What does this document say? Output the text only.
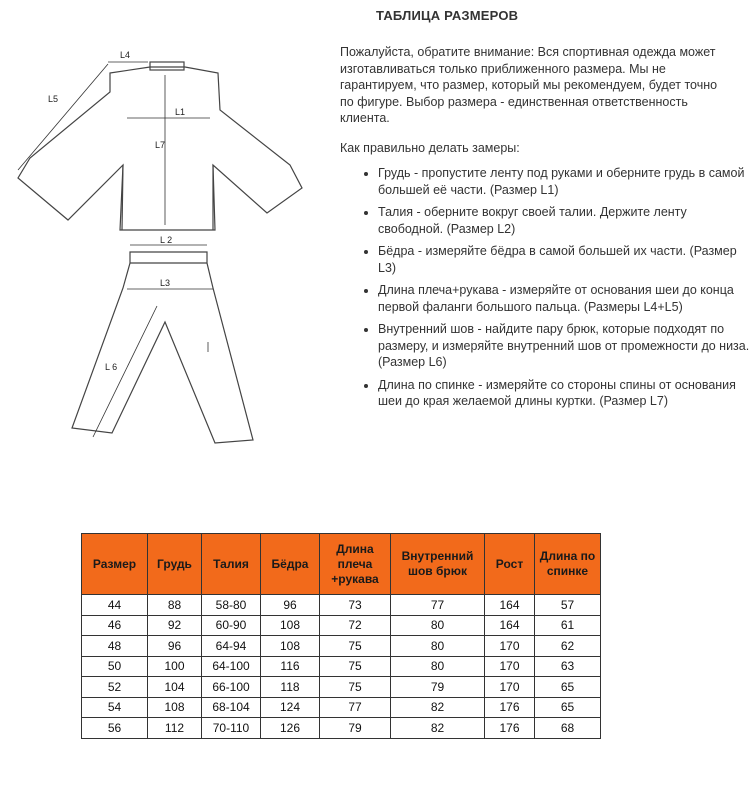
ТАБЛИЦА РАЗМЕРОВ

Пожалуйста, обратите внимание: Вся спортивная одежда может изготавливаться только приближенного размера. Мы не гарантируем, что размер, который мы рекомендуем, будет точно по фигуре. Выбор размера - единственная ответственность клиента.

Как правильно делать замеры:

• Грудь - пропустите ленту под руками и оберните грудь в самой большей её части. (Размер L1)
• Талия - оберните вокруг своей талии. Держите ленту свободной. (Размер L2)
• Бёдра - измеряйте бёдра в самой большей их части. (Размер L3)
• Длина плеча+рукава - измеряйте от основания шеи до конца первой фаланги большого пальца. (Размеры L4+L5)
• Внутренний шов - найдите пару брюк, которые подходят по размеру, и измеряйте внутренний шов от промежности до низа. (Размер L6)
• Длина по спинке - измеряйте со стороны спины от основания шеи до края желаемой длины куртки. (Размер L7)
L4
L5
L1
L7
L 2
L3
L 6
Размер	Грудь	Талия	Бёдра	Длина плеча +рукава	Внутренний шов брюк	Рост	Длина по спинке
44	88	58-80	96	73	77	164	57
46	92	60-90	108	72	80	164	61
48	96	64-94	108	75	80	170	62
50	100	64-100	116	75	80	170	63
52	104	66-100	118	75	79	170	65
54	108	68-104	124	77	82	176	65
56	112	70-110	126	79	82	176	68
